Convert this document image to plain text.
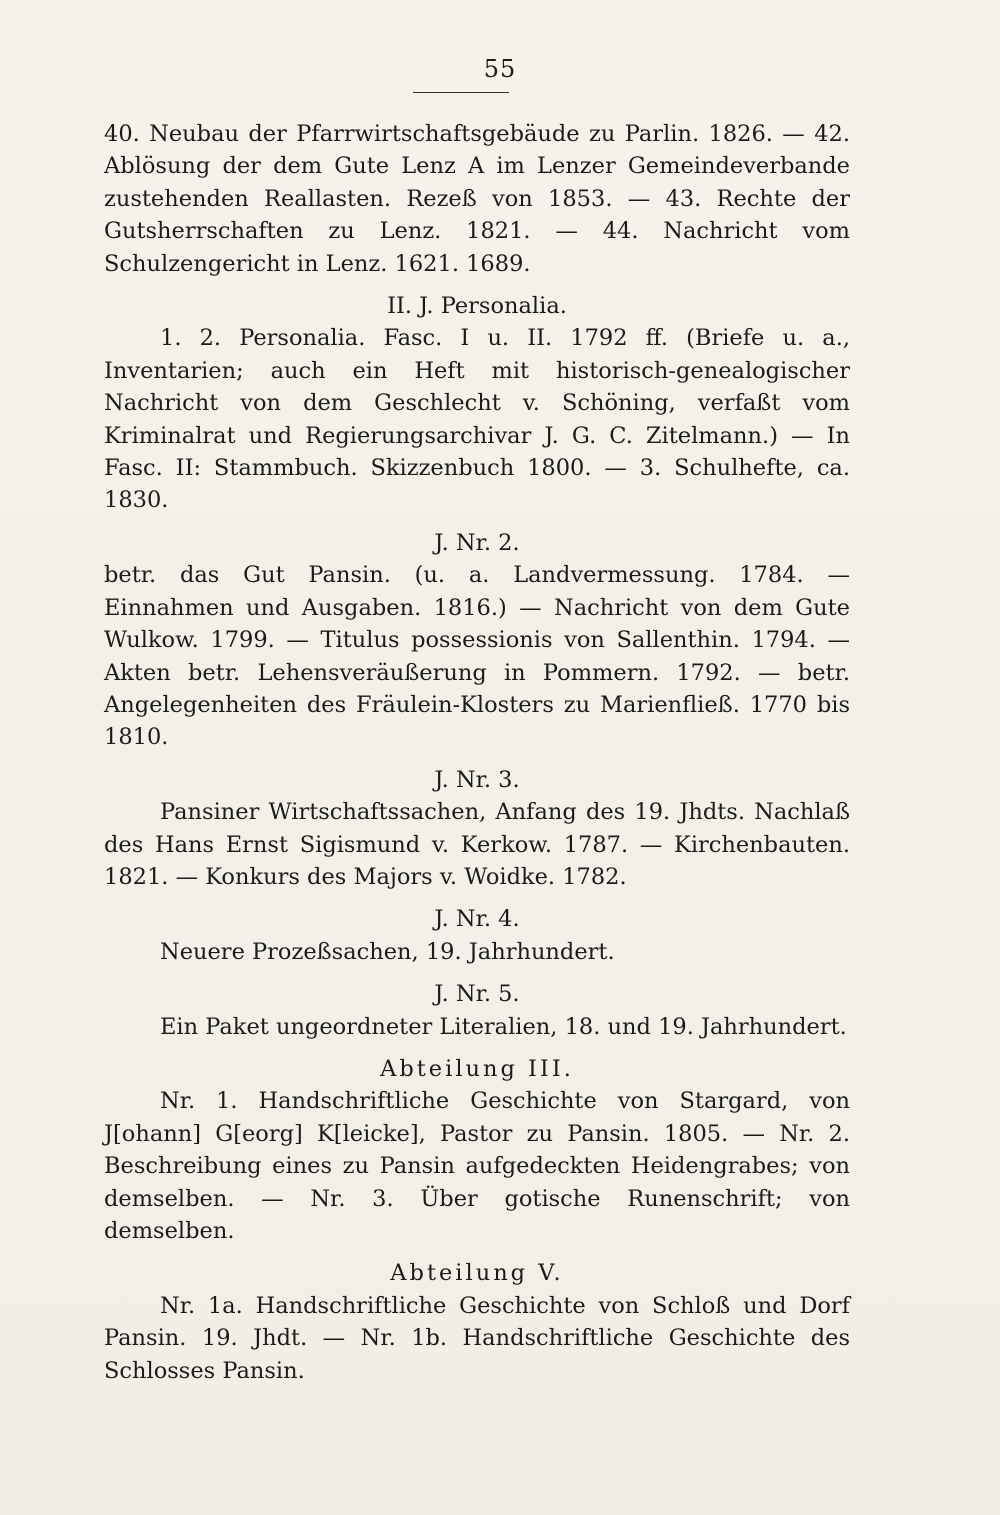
55

40. Neubau der Pfarrwirtschaftsgebäude zu Parlin. 1826. — 42. Ablösung der dem Gute Lenz A im Lenzer Gemeindeverbande zustehenden Reallasten. Rezeß von 1853. — 43. Rechte der Gutsherrschaften zu Lenz. 1821. — 44. Nachricht vom Schulzengericht in Lenz. 1621. 1689.

II. J. Personalia.

1. 2. Personalia. Fasc. I u. II. 1792 ff. (Briefe u. a., Inventarien; auch ein Heft mit historisch-genealogischer Nachricht von dem Geschlecht v. Schöning, verfaßt vom Kriminalrat und Regierungsarchivar J. G. C. Zitelmann.) — In Fasc. II: Stammbuch. Skizzenbuch 1800. — 3. Schulhefte, ca. 1830.

J. Nr. 2.

betr. das Gut Pansin. (u. a. Landvermessung. 1784. — Einnahmen und Ausgaben. 1816.) — Nachricht von dem Gute Wulkow. 1799. — Titulus possessionis von Sallenthin. 1794. — Akten betr. Lehensveräußerung in Pommern. 1792. — betr. Angelegenheiten des Fräulein-Klosters zu Marienfließ. 1770 bis 1810.

J. Nr. 3.

Pansiner Wirtschaftssachen, Anfang des 19. Jhdts. Nachlaß des Hans Ernst Sigismund v. Kerkow. 1787. — Kirchenbauten. 1821. — Konkurs des Majors v. Woidke. 1782.

J. Nr. 4.

Neuere Prozeßsachen, 19. Jahrhundert.

J. Nr. 5.

Ein Paket ungeordneter Literalien, 18. und 19. Jahrhundert.

Abteilung III.

Nr. 1. Handschriftliche Geschichte von Stargard, von J[ohann] G[eorg] K[leicke], Pastor zu Pansin. 1805. — Nr. 2. Beschreibung eines zu Pansin aufgedeckten Heidengrabes; von demselben. — Nr. 3. Über gotische Runenschrift; von demselben.

Abteilung V.

Nr. 1a. Handschriftliche Geschichte von Schloß und Dorf Pansin. 19. Jhdt. — Nr. 1b. Handschriftliche Geschichte des Schlosses Pansin.
